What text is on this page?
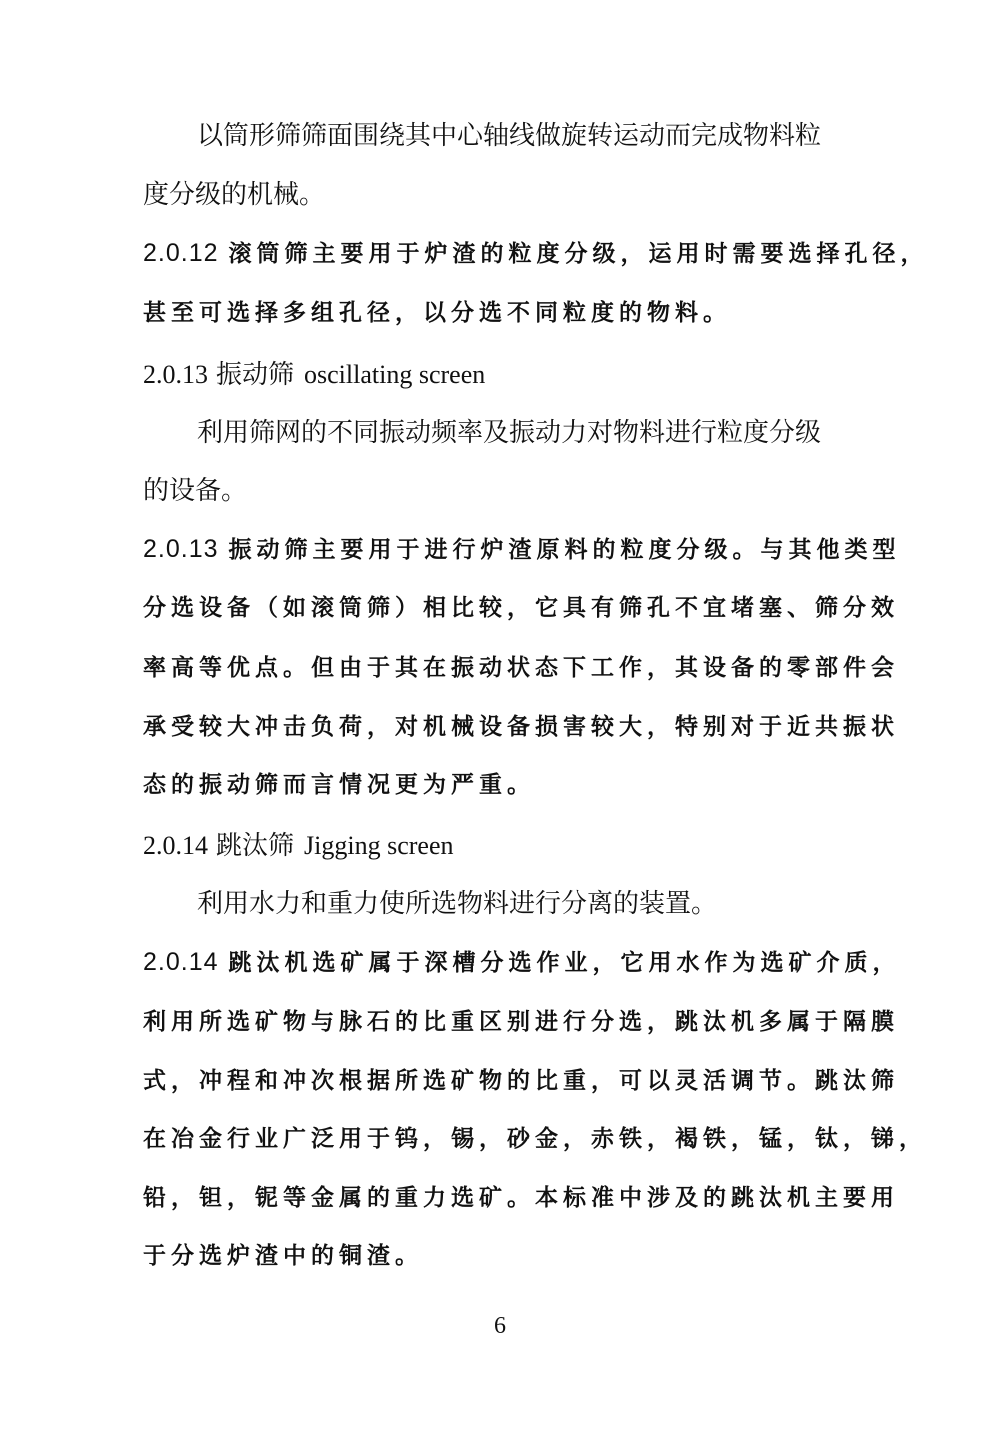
以筒形筛筛面围绕其中心轴线做旋转运动而完成物料粒
度分级的机械。
2.0.12 滚筒筛主要用于炉渣的粒度分级，运用时需要选择孔径，
甚至可选择多组孔径，以分选不同粒度的物料。
2.0.13 振动筛 oscillating screen
利用筛网的不同振动频率及振动力对物料进行粒度分级
的设备。
2.0.13 振动筛主要用于进行炉渣原料的粒度分级。与其他类型
分选设备（如滚筒筛）相比较，它具有筛孔不宜堵塞、筛分效
率高等优点。但由于其在振动状态下工作，其设备的零部件会
承受较大冲击负荷，对机械设备损害较大，特别对于近共振状
态的振动筛而言情况更为严重。
2.0.14 跳汰筛 Jigging screen
利用水力和重力使所选物料进行分离的装置。
2.0.14 跳汰机选矿属于深槽分选作业，它用水作为选矿介质，
利用所选矿物与脉石的比重区别进行分选，跳汰机多属于隔膜
式，冲程和冲次根据所选矿物的比重，可以灵活调节。跳汰筛
在冶金行业广泛用于钨，锡，砂金，赤铁，褐铁，锰，钛，锑，
铅，钽，铌等金属的重力选矿。本标准中涉及的跳汰机主要用
于分选炉渣中的铜渣。
6
